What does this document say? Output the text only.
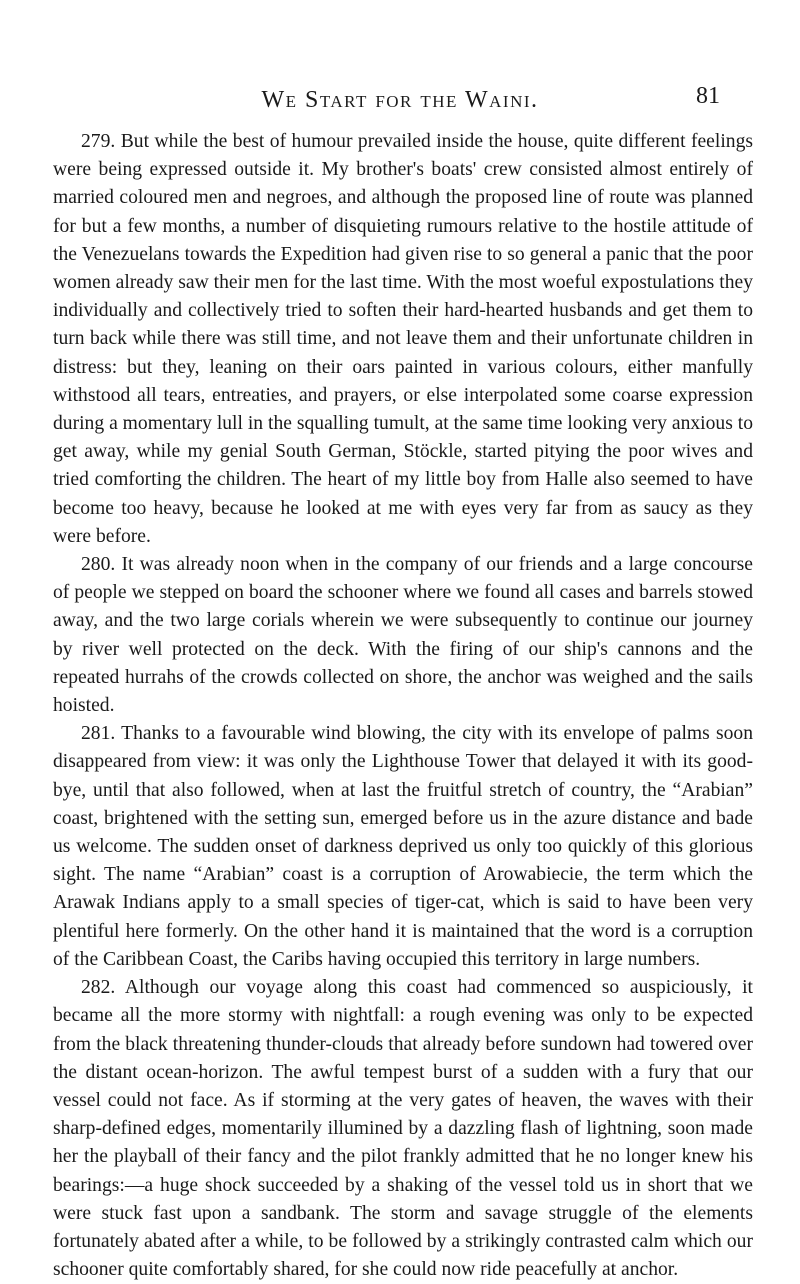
We Start for the Waini.	81

279. But while the best of humour prevailed inside the house, quite different feelings were being expressed outside it. My brother's boats' crew consisted almost entirely of married coloured men and negroes, and although the proposed line of route was planned for but a few months, a number of disquieting rumours relative to the hostile attitude of the Venezuelans towards the Expedition had given rise to so general a panic that the poor women already saw their men for the last time. With the most woeful expostulations they individually and collectively tried to soften their hard-hearted husbands and get them to turn back while there was still time, and not leave them and their unfortunate children in distress: but they, leaning on their oars painted in various colours, either manfully withstood all tears, entreaties, and prayers, or else interpolated some coarse expression during a momentary lull in the squalling tumult, at the same time looking very anxious to get away, while my genial South German, Stöckle, started pitying the poor wives and tried comforting the children. The heart of my little boy from Halle also seemed to have become too heavy, because he looked at me with eyes very far from as saucy as they were before.

280. It was already noon when in the company of our friends and a large concourse of people we stepped on board the schooner where we found all cases and barrels stowed away, and the two large corials wherein we were subsequently to continue our journey by river well protected on the deck. With the firing of our ship's cannons and the repeated hurrahs of the crowds collected on shore, the anchor was weighed and the sails hoisted.

281. Thanks to a favourable wind blowing, the city with its envelope of palms soon disappeared from view: it was only the Lighthouse Tower that delayed it with its good-bye, until that also followed, when at last the fruitful stretch of country, the “Arabian” coast, brightened with the setting sun, emerged before us in the azure distance and bade us welcome. The sudden onset of darkness deprived us only too quickly of this glorious sight. The name “Arabian” coast is a corruption of Arowabiecie, the term which the Arawak Indians apply to a small species of tiger-cat, which is said to have been very plentiful here formerly. On the other hand it is maintained that the word is a corruption of the Caribbean Coast, the Caribs having occupied this territory in large numbers.

282. Although our voyage along this coast had commenced so auspiciously, it became all the more stormy with nightfall: a rough evening was only to be expected from the black threatening thunder-clouds that already before sundown had towered over the distant ocean-horizon. The awful tempest burst of a sudden with a fury that our vessel could not face. As if storming at the very gates of heaven, the waves with their sharp-defined edges, momentarily illumined by a dazzling flash of lightning, soon made her the playball of their fancy and the pilot frankly admitted that he no longer knew his bearings:—a huge shock succeeded by a shaking of the vessel told us in short that we were stuck fast upon a sandbank. The storm and savage struggle of the elements fortunately abated after a while, to be followed by a strikingly contrasted calm which our schooner quite comfortably shared, for she could now ride peacefully at anchor.
